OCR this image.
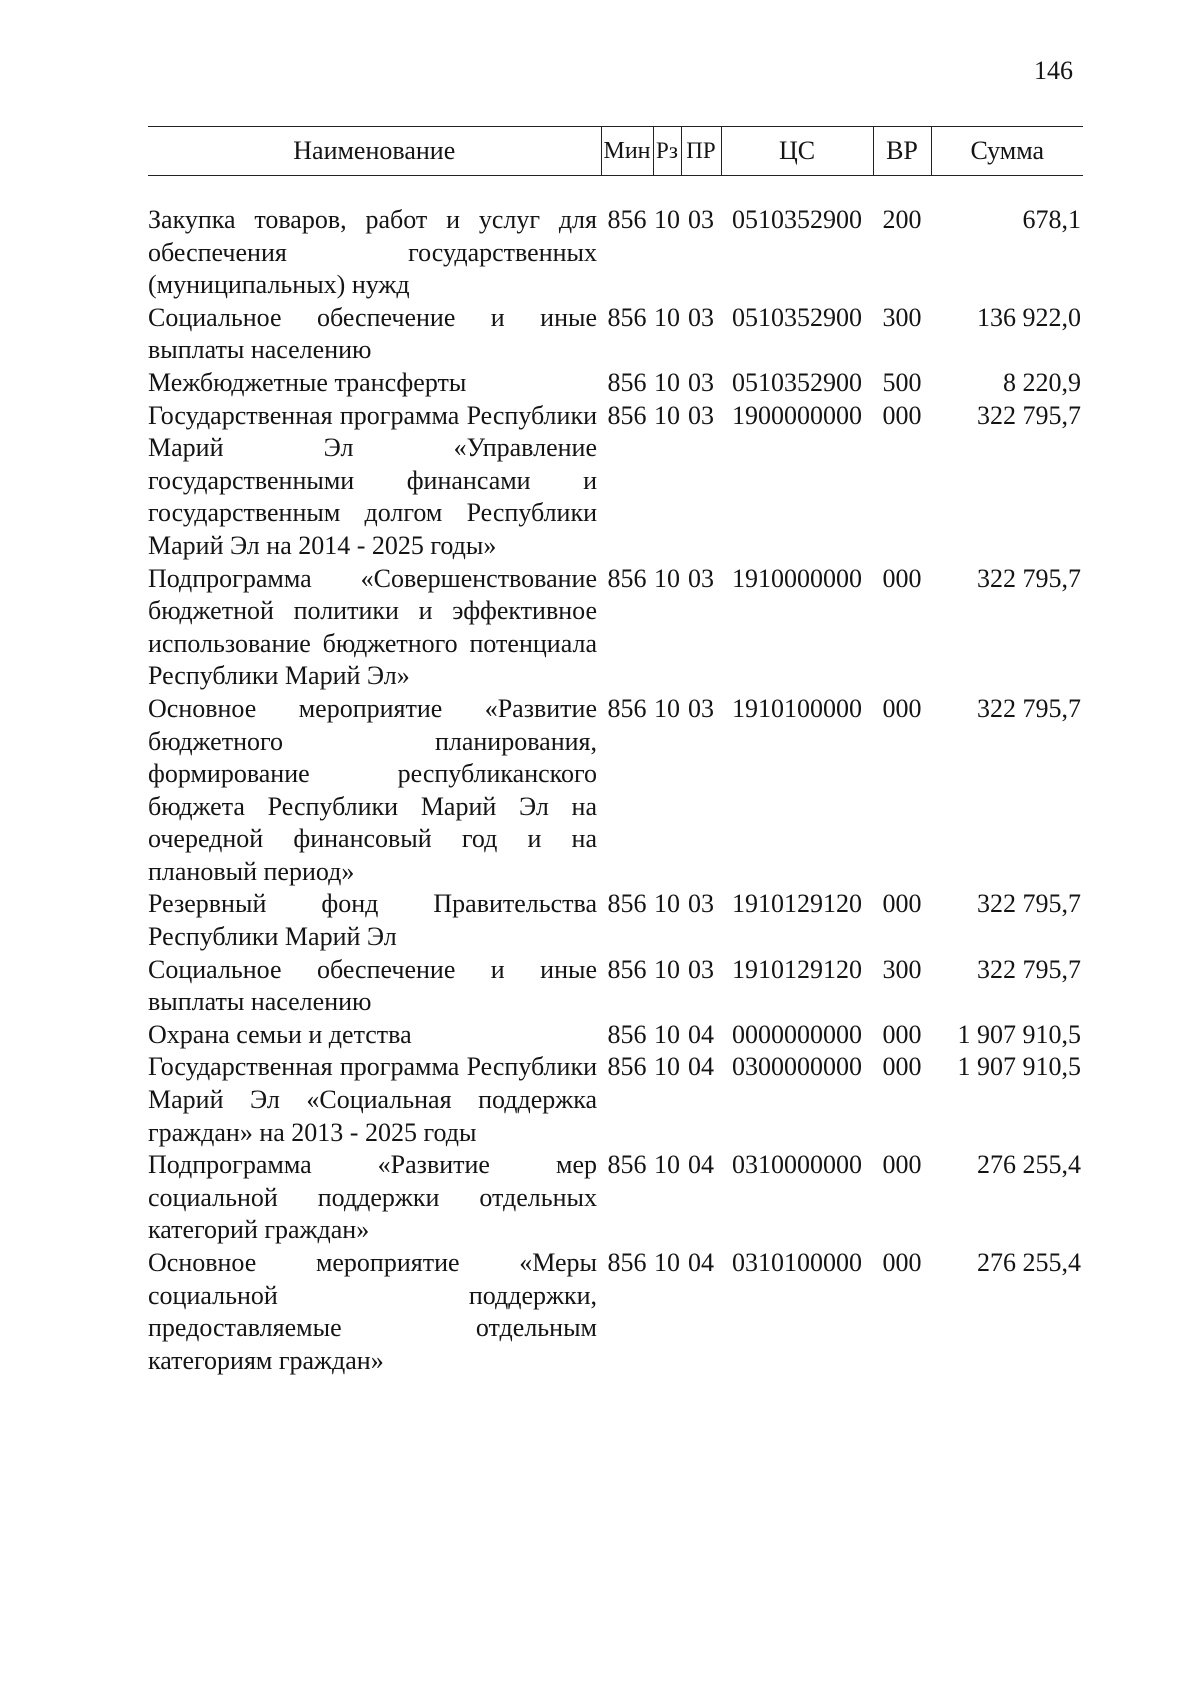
146
Наименование	Мин	Рз	ПР	ЦС	ВР	Сумма

Закупка товаров, работ и услуг для обеспечения государственных (муниципальных) нужд	856	10	03	0510352900	200	678,1
Социальное обеспечение и иные выплаты населению	856	10	03	0510352900	300	136 922,0
Межбюджетные трансферты	856	10	03	0510352900	500	8 220,9
Государственная программа Республики Марий Эл «Управление государственными финансами и государственным долгом Республики Марий Эл на 2014 - 2025 годы»	856	10	03	1900000000	000	322 795,7
Подпрограмма «Совершенствование бюджетной политики и эффективное использование бюджетного потенциала Республики Марий Эл»	856	10	03	1910000000	000	322 795,7
Основное мероприятие «Развитие бюджетного планирования, формирование республиканского бюджета Республики Марий Эл на очередной финансовый год и на плановый период»	856	10	03	1910100000	000	322 795,7
Резервный фонд Правительства Республики Марий Эл	856	10	03	1910129120	000	322 795,7
Социальное обеспечение и иные выплаты населению	856	10	03	1910129120	300	322 795,7
Охрана семьи и детства	856	10	04	0000000000	000	1 907 910,5
Государственная программа Республики Марий Эл «Социальная поддержка граждан» на 2013 - 2025 годы	856	10	04	0300000000	000	1 907 910,5
Подпрограмма «Развитие мер социальной поддержки отдельных категорий граждан»	856	10	04	0310000000	000	276 255,4
Основное мероприятие «Меры социальной поддержки, предоставляемые отдельным категориям граждан»	856	10	04	0310100000	000	276 255,4
